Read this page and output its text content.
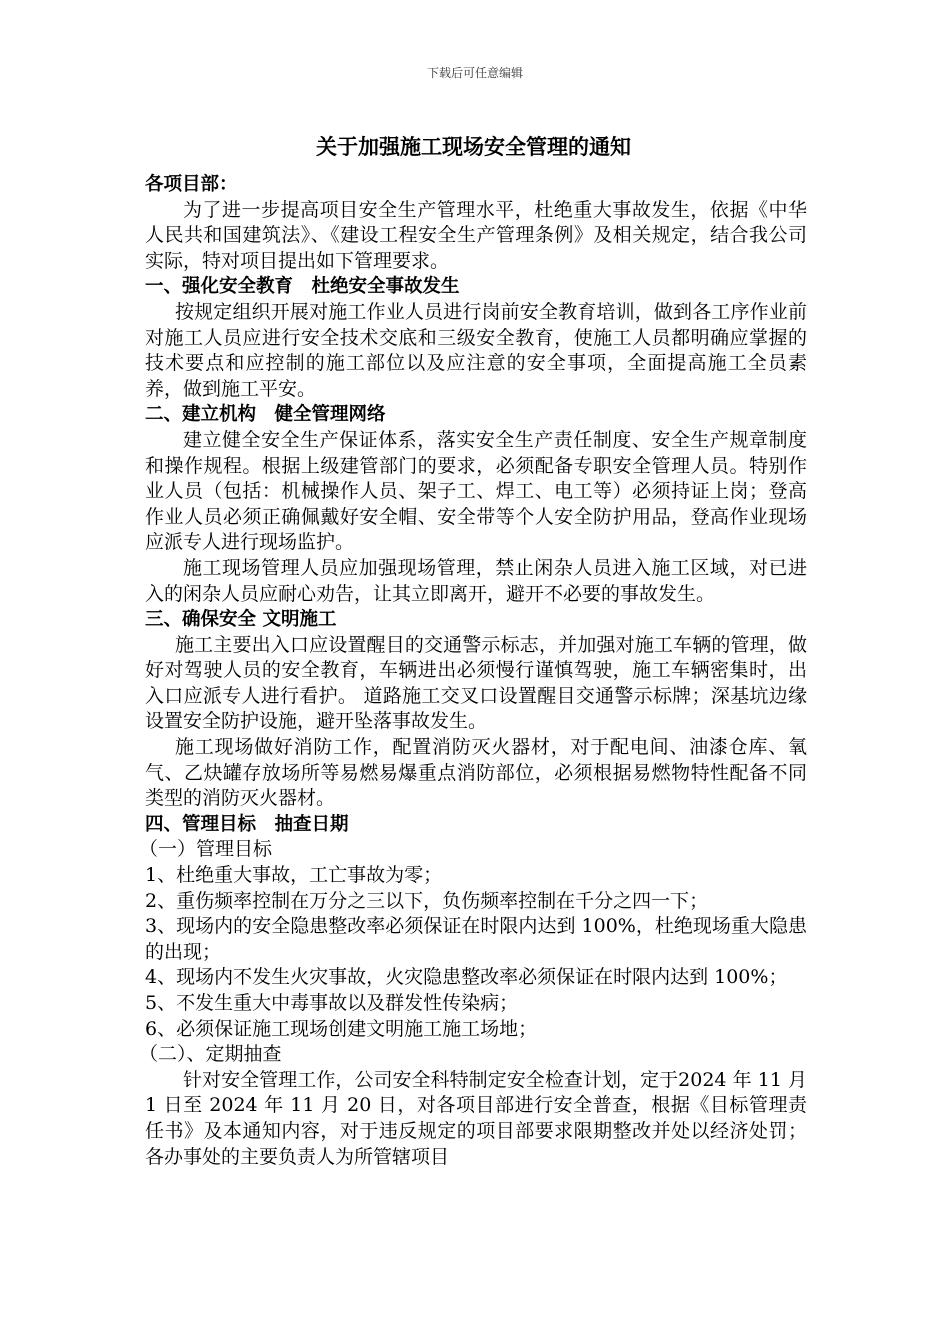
下载后可任意编辑
关于加强施工现场安全管理的通知

各项目部：

为了进一步提高项目安全生产管理水平，杜绝重大事故发生，依据《中华人民共和国建筑法》、《建设工程安全生产管理条例》及相关规定，结合我公司实际，特对项目提出如下管理要求。

一、强化安全教育　杜绝安全事故发生

按规定组织开展对施工作业人员进行岗前安全教育培训，做到各工序作业前对施工人员应进行安全技术交底和三级安全教育，使施工人员都明确应掌握的技术要点和应控制的施工部位以及应注意的安全事项，全面提高施工全员素养，做到施工平安。

二、建立机构　健全管理网络

建立健全安全生产保证体系，落实安全生产责任制度、安全生产规章制度和操作规程。根据上级建管部门的要求，必须配备专职安全管理人员。特别作业人员（包括：机械操作人员、架子工、焊工、电工等）必须持证上岗；登高作业人员必须正确佩戴好安全帽、安全带等个人安全防护用品，登高作业现场应派专人进行现场监护。

施工现场管理人员应加强现场管理，禁止闲杂人员进入施工区域，对已进入的闲杂人员应耐心劝告，让其立即离开，避开不必要的事故发生。

三、确保安全 文明施工

施工主要出入口应设置醒目的交通警示标志，并加强对施工车辆的管理，做好对驾驶人员的安全教育，车辆进出必须慢行谨慎驾驶，施工车辆密集时，出入口应派专人进行看护。 道路施工交叉口设置醒目交通警示标牌；深基坑边缘设置安全防护设施，避开坠落事故发生。

施工现场做好消防工作，配置消防灭火器材，对于配电间、油漆仓库、氧气、乙炔罐存放场所等易燃易爆重点消防部位，必须根据易燃物特性配备不同类型的消防灭火器材。

四、管理目标　抽查日期

（一）管理目标

1、杜绝重大事故，工亡事故为零；

2、重伤频率控制在万分之三以下，负伤频率控制在千分之四一下；

3、现场内的安全隐患整改率必须保证在时限内达到 100%，杜绝现场重大隐患的出现；

4、现场内不发生火灾事故，火灾隐患整改率必须保证在时限内达到 100%；

5、不发生重大中毒事故以及群发性传染病；

6、必须保证施工现场创建文明施工施工场地；

（二）、定期抽查

针对安全管理工作，公司安全科特制定安全检查计划，定于2024 年 11 月 1 日至 2024 年 11 月 20 日，对各项目部进行安全普查，根据《目标管理责任书》及本通知内容，对于违反规定的项目部要求限期整改并处以经济处罚；各办事处的主要负责人为所管辖项目
